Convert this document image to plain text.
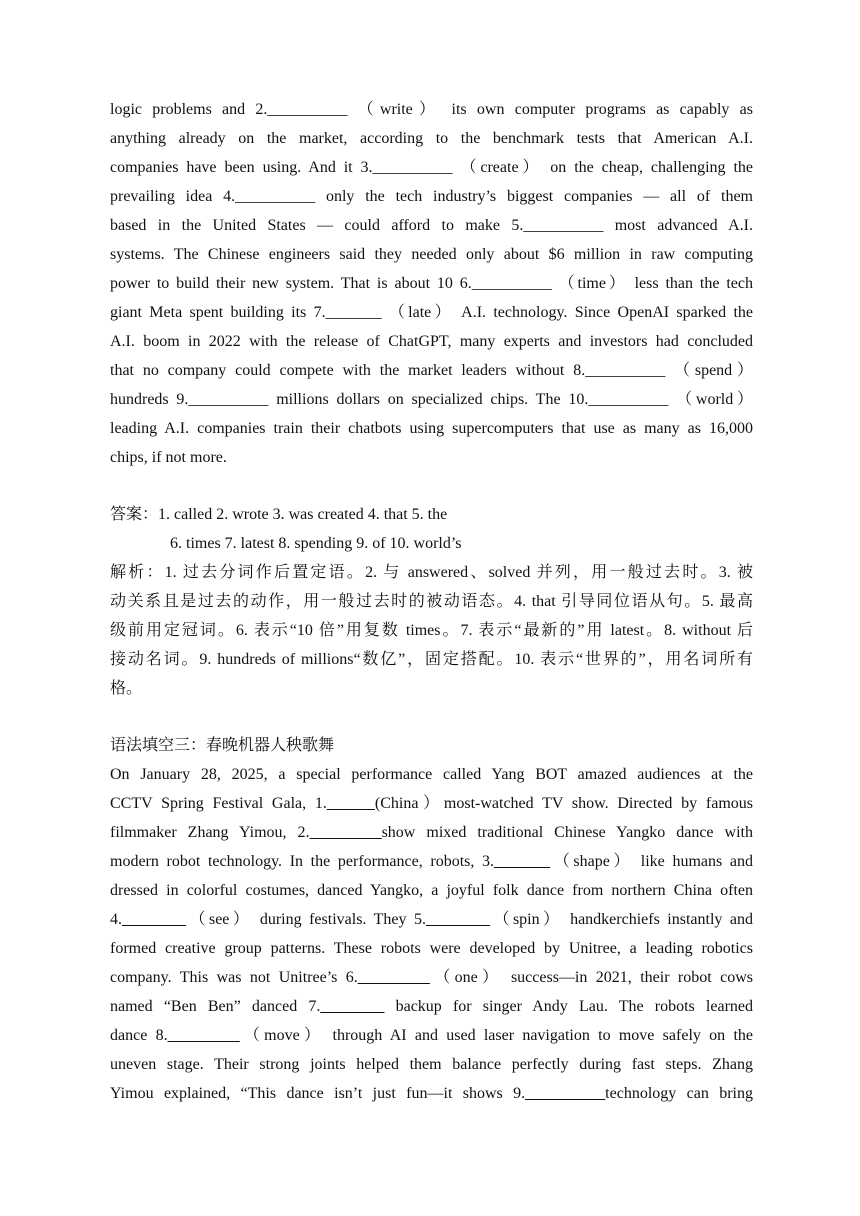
logic problems and 2.__________ （write） its own computer programs as capably as
anything already on the market, according to the benchmark tests that American A.I.
companies have been using. And it 3.__________ （create） on the cheap, challenging the
prevailing idea 4.__________ only the tech industry’s biggest companies — all of them
based in the United States — could afford to make 5.__________ most advanced A.I.
systems. The Chinese engineers said they needed only about $6 million in raw computing
power to build their new system. That is about 10 6.__________ （time） less than the tech
giant Meta spent building its 7._______ （late） A.I. technology. Since OpenAI sparked the
A.I. boom in 2022 with the release of ChatGPT, many experts and investors had concluded
that no company could compete with the market leaders without 8.__________ （spend）
hundreds 9.__________ millions dollars on specialized chips. The 10.__________ （world）
leading A.I. companies train their chatbots using supercomputers that use as many as 16,000
chips, if not more.
答案：1. called 2. wrote 3. was created 4. that 5. the
6. times 7. latest 8. spending 9. of 10. world’s
解析：1. 过去分词作后置定语。2. 与 answered、solved 并列，用一般过去时。3. 被
动关系且是过去的动作，用一般过去时的被动语态。4. that 引导同位语从句。5. 最高
级前用定冠词。6. 表示“10 倍”用复数 times。7. 表示“最新的”用 latest。8. without 后
接动名词。9. hundreds of millions“数亿”，固定搭配。10. 表示“世界的”，用名词所有
格。
语法填空三：春晚机器人秧歌舞
On January 28, 2025, a special performance called Yang BOT amazed audiences at the
CCTV Spring Festival Gala, 1.______(China）most-watched TV show. Directed by famous
filmmaker Zhang Yimou, 2._________show mixed traditional Chinese Yangko dance with
modern robot technology. In the performance, robots, 3._______（shape） like humans and
dressed in colorful costumes, danced Yangko, a joyful folk dance from northern China often
4.________（see） during festivals. They 5.________（spin） handkerchiefs instantly and
formed creative group patterns. These robots were developed by Unitree, a leading robotics
company. This was not Unitree’s 6._________（one） success—in 2021, their robot cows
named “Ben Ben” danced 7.________ backup for singer Andy Lau. The robots learned
dance 8._________（move） through AI and used laser navigation to move safely on the
uneven stage. Their strong joints helped them balance perfectly during fast steps. Zhang
Yimou explained, “This dance isn’t just fun—it shows 9.__________technology can bring
